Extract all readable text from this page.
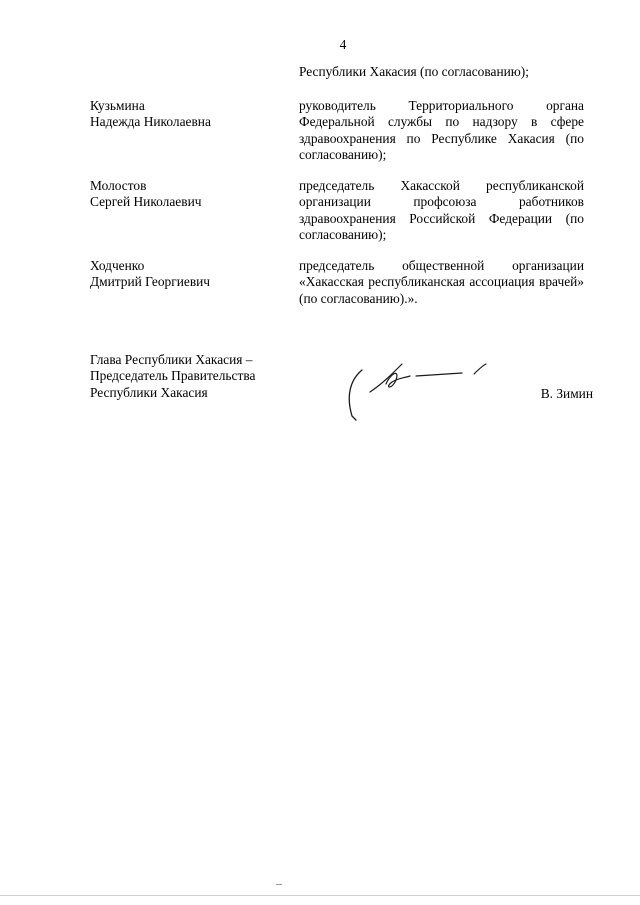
4
Республики Хакасия (по согласованию);
Кузьмина
Надежда Николаевна
руководитель Территориального органа Федеральной службы по надзору в сфере здравоохранения по Республике Хакасия (по согласованию);
Молостов
Сергей Николаевич
председатель Хакасской республиканской организации профсоюза работников здравоохранения Российской Федерации (по согласованию);
Ходченко
Дмитрий Георгиевич
председатель общественной организации «Хакасская республиканская ассоциация врачей» (по согласованию).».
Глава Республики Хакасия –
Председатель Правительства
Республики Хакасия	В. Зимин
